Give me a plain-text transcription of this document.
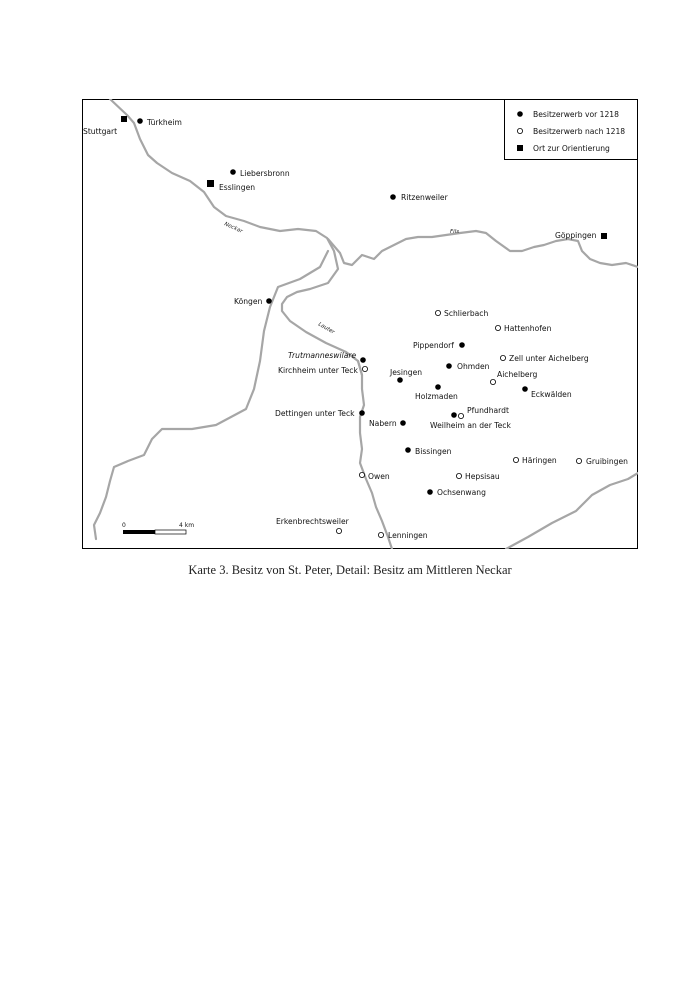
Neckar	Fils
Lauter
Besitzerwerb vor 1218
Besitzerwerb nach 1218
Ort zur Orientierung
Stuttgart
Türkheim
Liebersbronn
Esslingen
Ritzenweiler
Göppingen
Köngen
Schlierbach
Hattenhofen
Pippendorf
Trutmanneswilare
Kirchheim unter Teck	Ohmden
Zell unter Aichelberg
Aichelberg
Jesingen
Holzmaden	Eckwälden
Dettingen unter Teck
Nabern
Pfundhardt
Weilheim an der Teck
Bissingen
Häringen	Gruibingen
Owen	Hepsisau
Ochsenwang
Erkenbrechtsweiler
Lenningen
0	4 km

Karte 3. Besitz von St. Peter, Detail: Besitz am Mittleren Neckar
